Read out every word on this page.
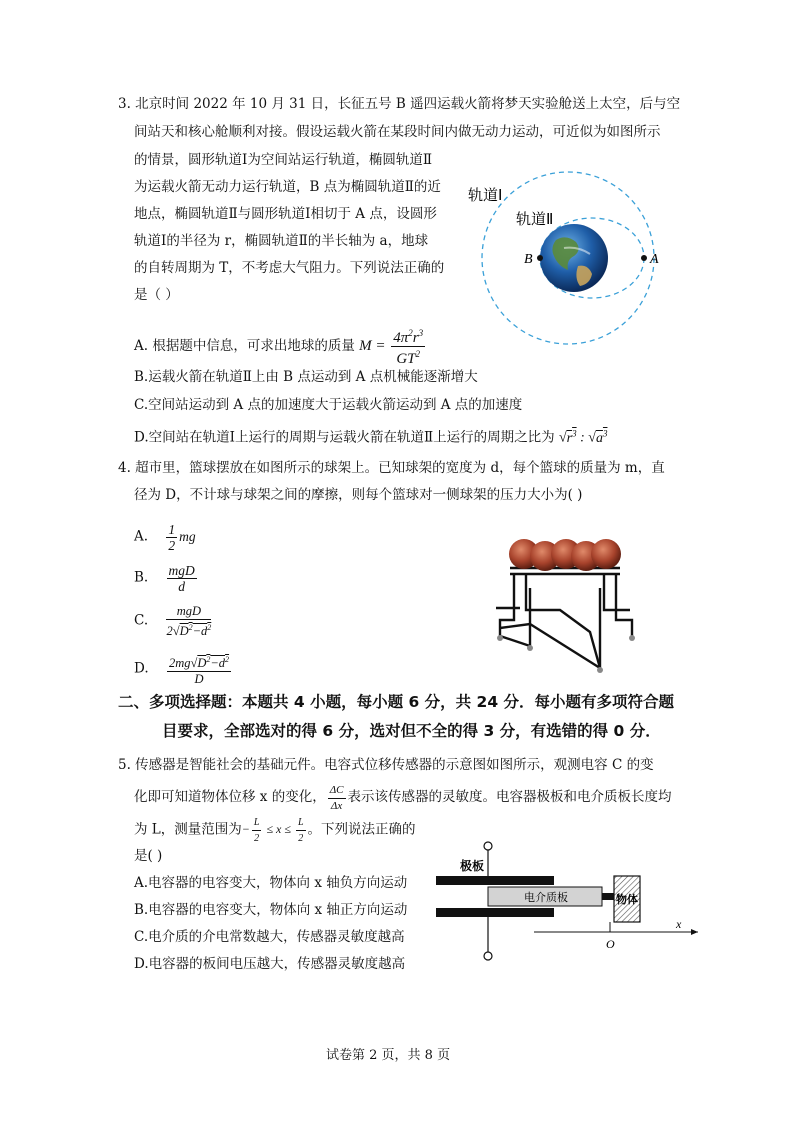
3. 北京时间 2022 年 10 月 31 日，长征五号 B 遥四运载火箭将梦天实验舱送上太空，后与空
间站天和核心舱顺利对接。假设运载火箭在某段时间内做无动力运动，可近似为如图所示
的情景，圆形轨道Ⅰ为空间站运行轨道，椭圆轨道Ⅱ
为运载火箭无动力运行轨道，B 点为椭圆轨道Ⅱ的近
地点，椭圆轨道Ⅱ与圆形轨道Ⅰ相切于 A 点，设圆形
轨道Ⅰ的半径为 r，椭圆轨道Ⅱ的半长轴为 a，地球
的自转周期为 T，不考虑大气阻力。下列说法正确的
是（ ）
A. 根据题中信息，可求出地球的质量 $M = \frac{4\pi^2r^3}{GT^2}$
B.运载火箭在轨道Ⅱ上由 B 点运动到 A 点机械能逐渐增大
C.空间站运动到 A 点的加速度大于运载火箭运动到 A 点的加速度
D.空间站在轨道Ⅰ上运行的周期与运载火箭在轨道Ⅱ上运行的周期之比为 $√r^3$ : $√a^3$
轨道Ⅰ
轨道Ⅱ
B	A
4. 超市里，篮球摆放在如图所示的球架上。已知球架的宽度为 d，每个篮球的质量为 m，直
径为 D，不计球与球架之间的摩擦，则每个篮球对一侧球架的压力大小为( )
A. $\frac{1}{2}$ mg
B. $\frac{\text{mgD}}{d}$
C. $\frac{\text{mgD}}{2√D^2-d^2}$
D. $\frac{2mg√D^2-d^2}{D}$
二、多项选择题：本题共 4 小题，每小题 6 分，共 24 分．每小题有多项符合题
目要求，全部选对的得 6 分，选对但不全的得 3 分，有选错的得 0 分．
5. 传感器是智能社会的基础元件。电容式位移传感器的示意图如图所示，观测电容 C 的变
化即可知道物体位移 x 的变化， $\frac{\Delta C}{\Delta x}$ 表示该传感器的灵敏度。电容器极板和电介质板长度均
为 L，测量范围为− $\frac{L}{2} \le x \le \frac{L}{2}$ 。下列说法正确的
是( )
A.电容器的电容变大，物体向 x 轴负方向运动
B.电容器的电容变大，物体向 x 轴正方向运动
C.电介质的介电常数越大，传感器灵敏度越高
D.电容器的板间电压越大，传感器灵敏度越高
极板
电介质板	物体
x
O
试卷第 2 页，共 8 页
